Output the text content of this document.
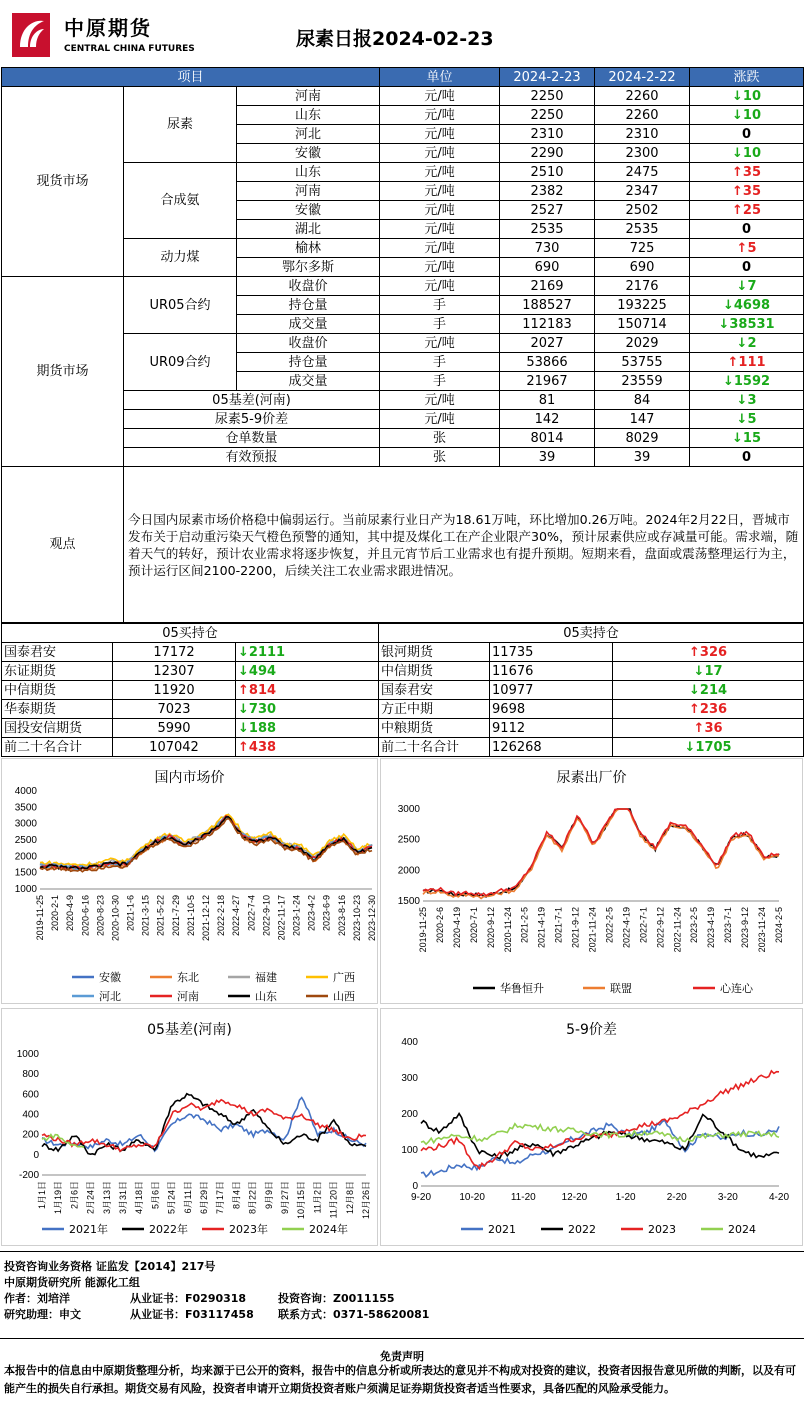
中原期货
CENTRAL CHINA FUTURES	尿素日报2024-02-23
项目			单位	2024-2-23	2024-2-22	涨跌
现货市场	尿素	河南	元/吨	2250	2260	↓10
		山东	元/吨	2250	2260	↓10
		河北	元/吨	2310	2310	0
		安徽	元/吨	2290	2300	↓10
	合成氨	山东	元/吨	2510	2475	↑35
		河南	元/吨	2382	2347	↑35
		安徽	元/吨	2527	2502	↑25
		湖北	元/吨	2535	2535	0
	动力煤	榆林	元/吨	730	725	↑5
		鄂尔多斯	元/吨	690	690	0
期货市场	UR05合约	收盘价	元/吨	2169	2176	↓7
		持仓量	手	188527	193225	↓4698
		成交量	手	112183	150714	↓38531
	UR09合约	收盘价	元/吨	2027	2029	↓2
		持仓量	手	53866	53755	↑111
		成交量	手	21967	23559	↓1592
	05基差(河南)		元/吨	81	84	↓3
	尿素5-9价差		元/吨	142	147	↓5
	仓单数量		张	8014	8029	↓15
	有效预报		张	39	39	0
观点	今日国内尿素市场价格稳中偏弱运行。当前尿素行业日产为18.61万吨，环比增加0.26万吨。2024年2月22日，晋城市发布关于启动重污染天气橙色预警的通知，其中提及煤化工在产企业限产30%，预计尿素供应或存减量可能。需求端，随着天气的转好，预计农业需求将逐步恢复，并且元宵节后工业需求也有提升预期。短期来看，盘面或震荡整理运行为主，预计运行区间2100-2200，后续关注工农业需求跟进情况。					
05买持仓			05卖持仓		
国泰君安	17172	↓2111	银河期货	11735	↑326
东证期货	12307	↓494	中信期货	11676	↓17
中信期货	11920	↑814	国泰君安	10977	↓214
华泰期货	7023	↓730	方正中期	9698	↑236
国投安信期货	5990	↓188	中粮期货	9112	↑36
前二十名合计	107042	↑438	前二十名合计	126268	↓1705
国内市场价
1000
1500
2000
2500
3000
3500
4000
2019-11-25 2020-2-1 2020-4-9 2020-6-16 2020-8-23 2020-10-30 2021-1-6 2021-3-15 2021-5-22 2021-7-29 2021-10-5 2021-12-12 2022-2-18 2022-4-27 2022-7-4 2022-9-10 2022-11-17 2023-1-24 2023-4-2 2023-6-9 2023-8-16 2023-10-23 2023-12-30
安徽	东北	福建	广西
河北	河南	山东	山西
尿素出厂价
1500
2000
2500
3000
2019-11-25 2020-2-6 2020-4-19 2020-7-1 2020-9-12 2020-11-24 2021-2-5 2021-4-19 2021-7-1 2021-9-12 2021-11-24 2022-2-5 2022-4-19 2022-7-1 2022-9-12 2022-11-24 2023-2-5 2023-4-19 2023-7-1 2023-9-12 2023-11-24 2024-2-5
华鲁恒升	联盟	心连心
05基差(河南)
-200
0
200
400
600
800
1000
1月1日 1月19日 2月6日 2月24日 3月13日 3月31日 4月18日 5月6日 5月24日 6月11日 6月29日 7月17日 8月4日 8月22日 9月9日 9月27日 10月15日 11月2日 11月20日 12月8日 12月26日
2021年	2022年	2023年	2024年
5-9价差
0
100
200
300
400
9-20	10-20	11-20	12-20	1-20	2-20	3-20	4-20
2021	2022	2023	2024
投资咨询业务资格 证监发【2014】217号
中原期货研究所 能源化工组
作者：刘培洋	从业证书：F0290318	投资咨询：Z0011155
研究助理：申文	从业证书：F03117458 联系方式：0371-58620081
免责声明
本报告中的信息由中原期货整理分析，均来源于已公开的资料，报告中的信息分析或所表达的意见并不构成对投资的建议，投资者因报告意见所做的判断，以及有可能产生的损失自行承担。期货交易有风险，投资者申请开立期货投资者账户须满足证券期货投资者适当性要求，具备匹配的风险承受能力。
